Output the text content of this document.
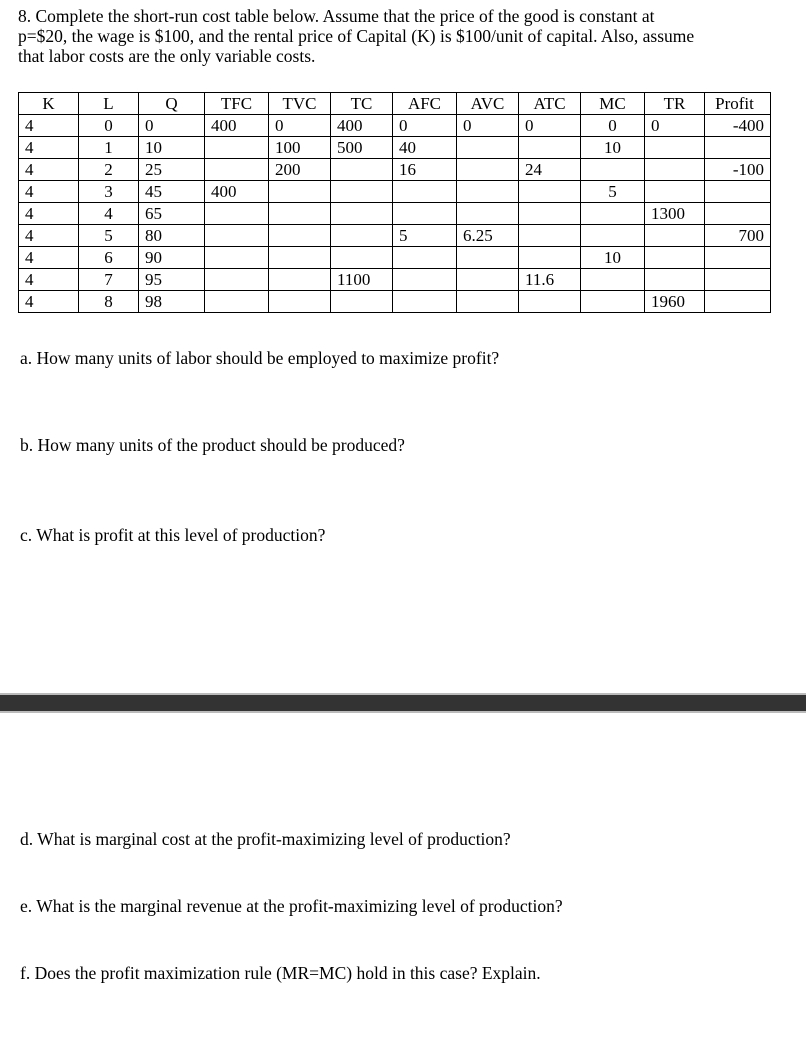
8. Complete the short-run cost table below. Assume that the price of the good is constant at
p=$20, the wage is $100, and the rental price of Capital (K) is $100/unit of capital. Also, assume
that labor costs are the only variable costs.
K	L	Q	TFC	TVC	TC	AFC	AVC	ATC	MC	TR	Profit
4	0	0	400	0	400	0	0	0	0	0	-400
4	1	10		100	500	40			10		
4	2	25		200		16		24			-100
4	3	45	400						5		
4	4	65								1300	
4	5	80				5	6.25				700
4	6	90							10		
4	7	95			1100			11.6			
4	8	98								1960	
a. How many units of labor should be employed to maximize profit?
b. How many units of the product should be produced?
c. What is profit at this level of production?
d. What is marginal cost at the profit-maximizing level of production?
e. What is the marginal revenue at the profit-maximizing level of production?
f. Does the profit maximization rule (MR=MC) hold in this case? Explain.
